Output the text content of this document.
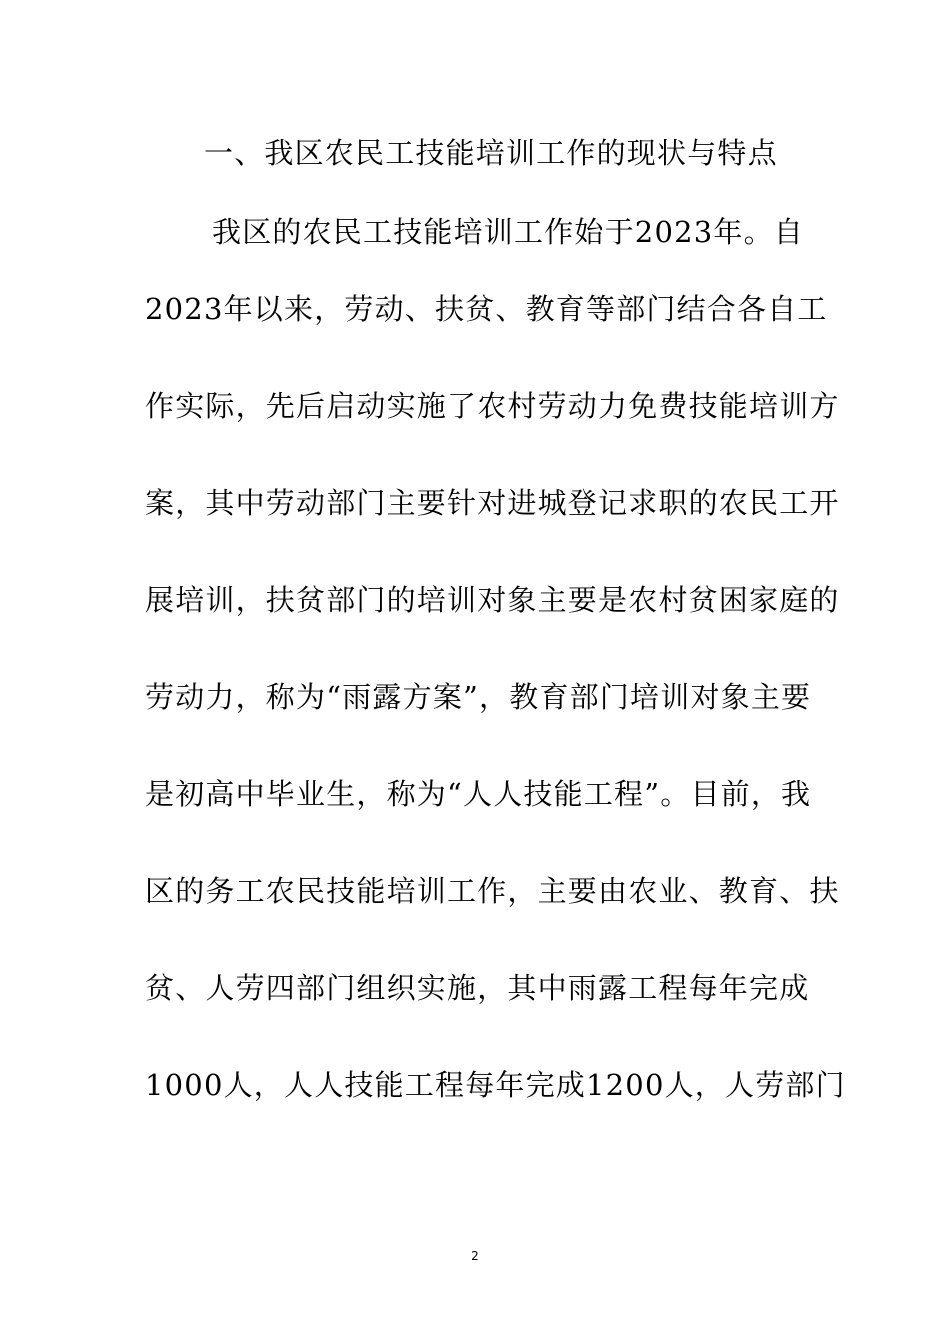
一、我区农民工技能培训工作的现状与特点
我区的农民工技能培训工作始于2023年。自
2023年以来，劳动、扶贫、教育等部门结合各自工
作实际，先后启动实施了农村劳动力免费技能培训方
案，其中劳动部门主要针对进城登记求职的农民工开
展培训，扶贫部门的培训对象主要是农村贫困家庭的
劳动力，称为“雨露方案”，教育部门培训对象主要
是初高中毕业生，称为“人人技能工程”。目前，我
区的务工农民技能培训工作，主要由农业、教育、扶
贫、人劳四部门组织实施，其中雨露工程每年完成
1000人，人人技能工程每年完成1200人，人劳部门
2
